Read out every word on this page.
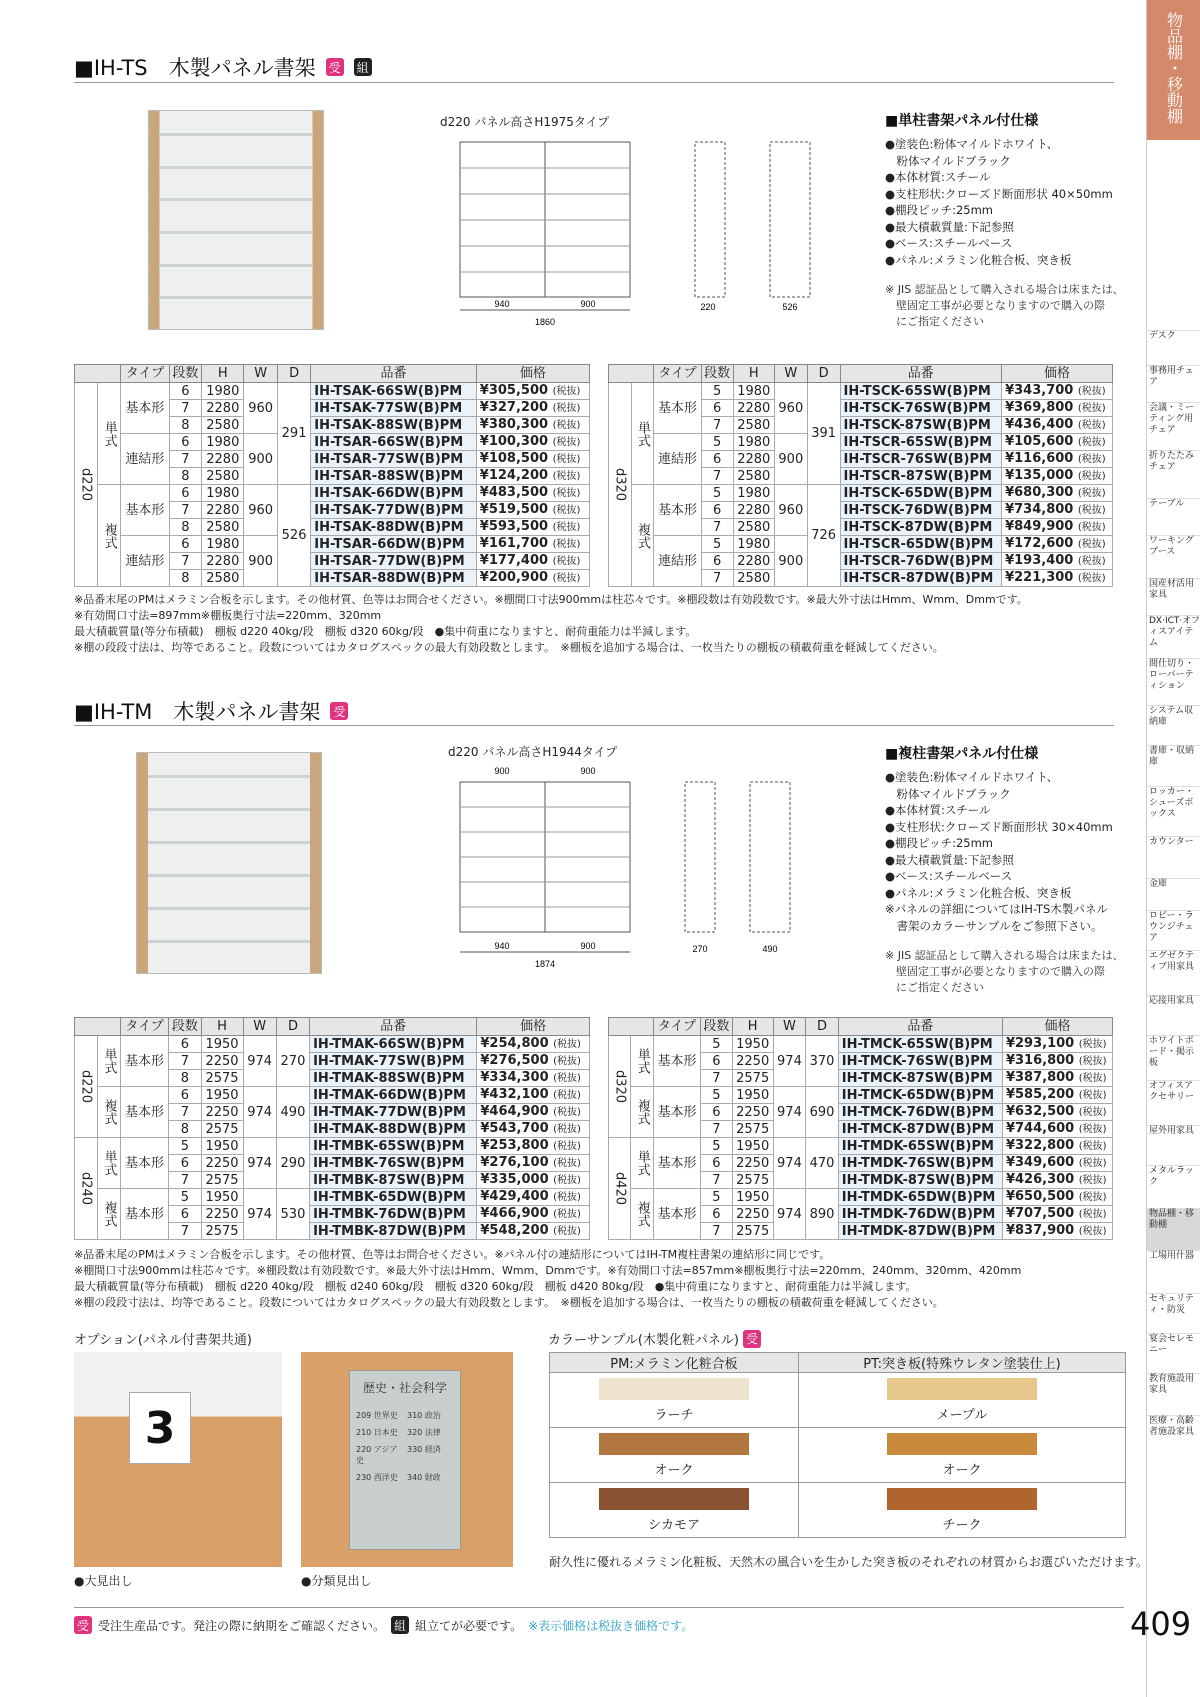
物品棚・移動棚
デスク
事務用チェア
会議・ミーティング用チェア
折りたたみチェア
テーブル
ワーキングブース
国産材活用家具
DX·ICT·オフィスアイテム
間仕切り・ローパーティション
システム収納庫
書庫・収納庫
ロッカー・シューズボックス
カウンター
金庫
ロビー・ラウンジチェア
エグゼクティブ用家具
応接用家具
ホワイトボード・掲示板
オフィスアクセサリー
屋外用家具
メタルラック
物品棚・移動棚
工場用什器
セキュリティ・防災
宴会セレモニー
教育施設用家具
医療・高齢者施設家具
■IH-TS　木製パネル書架 受 組
d220 パネル高さH1975タイプ
1860
940	900	220	526
■単柱書架パネル付仕様
●塗装色:粉体マイルドホワイト、
　粉体マイルドブラック
●本体材質:スチール
●支柱形状:クローズド断面形状 40×50mm
●棚段ピッチ:25mm
●最大積載質量:下記参照
●ベース:スチールベース
●パネル:メラミン化粧合板、突き板
※ JIS 認証品として購入される場合は床または、
　壁固定工事が必要となりますので購入の際
　にご指定ください
		タイプ	段数	H	W	D	品番	価格
d220	単式	基本形	6	1980	960	291	IH-TSAK-66SW(B)PM	¥305,500 (税抜)
			7	2280			IH-TSAK-77SW(B)PM	¥327,200 (税抜)
			8	2580			IH-TSAK-88SW(B)PM	¥380,300 (税抜)
		連結形	6	1980	900		IH-TSAR-66SW(B)PM	¥100,300 (税抜)
			7	2280			IH-TSAR-77SW(B)PM	¥108,500 (税抜)
			8	2580			IH-TSAR-88SW(B)PM	¥124,200 (税抜)
	複式	基本形	6	1980	960	526	IH-TSAK-66DW(B)PM	¥483,500 (税抜)
			7	2280			IH-TSAK-77DW(B)PM	¥519,500 (税抜)
			8	2580			IH-TSAK-88DW(B)PM	¥593,500 (税抜)
		連結形	6	1980	900		IH-TSAR-66DW(B)PM	¥161,700 (税抜)
			7	2280			IH-TSAR-77DW(B)PM	¥177,400 (税抜)
			8	2580			IH-TSAR-88DW(B)PM	¥200,900 (税抜)
		タイプ	段数	H	W	D	品番	価格
d320	単式	基本形	5	1980	960	391	IH-TSCK-65SW(B)PM	¥343,700 (税抜)
			6	2280			IH-TSCK-76SW(B)PM	¥369,800 (税抜)
			7	2580			IH-TSCK-87SW(B)PM	¥436,400 (税抜)
		連結形	5	1980	900		IH-TSCR-65SW(B)PM	¥105,600 (税抜)
			6	2280			IH-TSCR-76SW(B)PM	¥116,600 (税抜)
			7	2580			IH-TSCR-87SW(B)PM	¥135,000 (税抜)
	複式	基本形	5	1980	960	726	IH-TSCK-65DW(B)PM	¥680,300 (税抜)
			6	2280			IH-TSCK-76DW(B)PM	¥734,800 (税抜)
			7	2580			IH-TSCK-87DW(B)PM	¥849,900 (税抜)
		連結形	5	1980	900		IH-TSCR-65DW(B)PM	¥172,600 (税抜)
			6	2280			IH-TSCR-76DW(B)PM	¥193,400 (税抜)
			7	2580			IH-TSCR-87DW(B)PM	¥221,300 (税抜)
※品番末尾のPMはメラミン合板を示します。その他材質、色等はお問合せください。※棚間口寸法900mmは柱芯々です。※棚段数は有効段数です。※最大外寸法はHmm、Wmm、Dmmです。
※有効間口寸法=897mm※棚板奥行寸法=220mm、320mm
最大積載質量(等分布積載)　棚板 d220 40kg/段　棚板 d320 60kg/段　●集中荷重になりますと、耐荷重能力は半減します。
※棚の段段寸法は、均等であること。段数についてはカタログスペックの最大有効段数とします。　※棚板を追加する場合は、一枚当たりの棚板の積載荷重を軽減してください。
■IH-TM　木製パネル書架 受
d220 パネル高さH1944タイプ
1874
940	900
900	900
270	490
■複柱書架パネル付仕様
●塗装色:粉体マイルドホワイト、
　粉体マイルドブラック
●本体材質:スチール
●支柱形状:クローズド断面形状 30×40mm
●棚段ピッチ:25mm
●最大積載質量:下記参照
●ベース:スチールベース
●パネル:メラミン化粧合板、突き板
※パネルの詳細についてはIH-TS木製パネル
　書架のカラーサンプルをご参照下さい。
※ JIS 認証品として購入される場合は床または、
　壁固定工事が必要となりますので購入の際
　にご指定ください
		タイプ	段数	H	W	D	品番	価格
d220	単式	基本形	6	1950	974	270	IH-TMAK-66SW(B)PM	¥254,800 (税抜)
			7	2250			IH-TMAK-77SW(B)PM	¥276,500 (税抜)
			8	2575			IH-TMAK-88SW(B)PM	¥334,300 (税抜)
	複式	基本形	6	1950	974	490	IH-TMAK-66DW(B)PM	¥432,100 (税抜)
			7	2250			IH-TMAK-77DW(B)PM	¥464,900 (税抜)
			8	2575			IH-TMAK-88DW(B)PM	¥543,700 (税抜)
d240	単式	基本形	5	1950	974	290	IH-TMBK-65SW(B)PM	¥253,800 (税抜)
			6	2250			IH-TMBK-76SW(B)PM	¥276,100 (税抜)
			7	2575			IH-TMBK-87SW(B)PM	¥335,000 (税抜)
	複式	基本形	5	1950	974	530	IH-TMBK-65DW(B)PM	¥429,400 (税抜)
			6	2250			IH-TMBK-76DW(B)PM	¥466,900 (税抜)
			7	2575			IH-TMBK-87DW(B)PM	¥548,200 (税抜)
		タイプ	段数	H	W	D	品番	価格
d320	単式	基本形	5	1950	974	370	IH-TMCK-65SW(B)PM	¥293,100 (税抜)
			6	2250			IH-TMCK-76SW(B)PM	¥316,800 (税抜)
			7	2575			IH-TMCK-87SW(B)PM	¥387,800 (税抜)
	複式	基本形	5	1950	974	690	IH-TMCK-65DW(B)PM	¥585,200 (税抜)
			6	2250			IH-TMCK-76DW(B)PM	¥632,500 (税抜)
			7	2575			IH-TMCK-87DW(B)PM	¥744,600 (税抜)
d420	単式	基本形	5	1950	974	470	IH-TMDK-65SW(B)PM	¥322,800 (税抜)
			6	2250			IH-TMDK-76SW(B)PM	¥349,600 (税抜)
			7	2575			IH-TMDK-87SW(B)PM	¥426,300 (税抜)
	複式	基本形	5	1950	974	890	IH-TMDK-65DW(B)PM	¥650,500 (税抜)
			6	2250			IH-TMDK-76DW(B)PM	¥707,500 (税抜)
			7	2575			IH-TMDK-87DW(B)PM	¥837,900 (税抜)
※品番末尾のPMはメラミン合板を示します。その他材質、色等はお問合せください。※パネル付の連結形についてはIH-TM複柱書架の連結形に同じです。
※棚間口寸法900mmは柱芯々です。※棚段数は有効段数です。※最大外寸法はHmm、Wmm、Dmmです。※有効間口寸法=857mm※棚板奥行寸法=220mm、240mm、320mm、420mm
最大積載質量(等分布積載)　棚板 d220 40kg/段　棚板 d240 60kg/段　棚板 d320 60kg/段　棚板 d420 80kg/段　●集中荷重になりますと、耐荷重能力は半減します。
※棚の段段寸法は、均等であること。段数についてはカタログスペックの最大有効段数とします。　※棚板を追加する場合は、一枚当たりの棚板の積載荷重を軽減してください。
オプション(パネル付書架共通)
3
●大見出し
歴史・社会科学
209 世界史	310 政治
210 日本史	320 法律
220 アジア史
330 経済
230 西洋史	340 財政
●分類見出し
カラーサンプル(木製化粧パネル) 受
PM:メラミン化粧合板	PT:突き板(特殊ウレタン塗装仕上)

ラーチ	メープル

オーク	オーク

シカモア	チーク
耐久性に優れるメラミン化粧板、天然木の風合いを生かした突き板のそれぞれの材質からお選びいただけます。
受 受注生産品です。発注の際に納期をご確認ください。 組 組立てが必要です。 ※表示価格は税抜き価格です。	409
